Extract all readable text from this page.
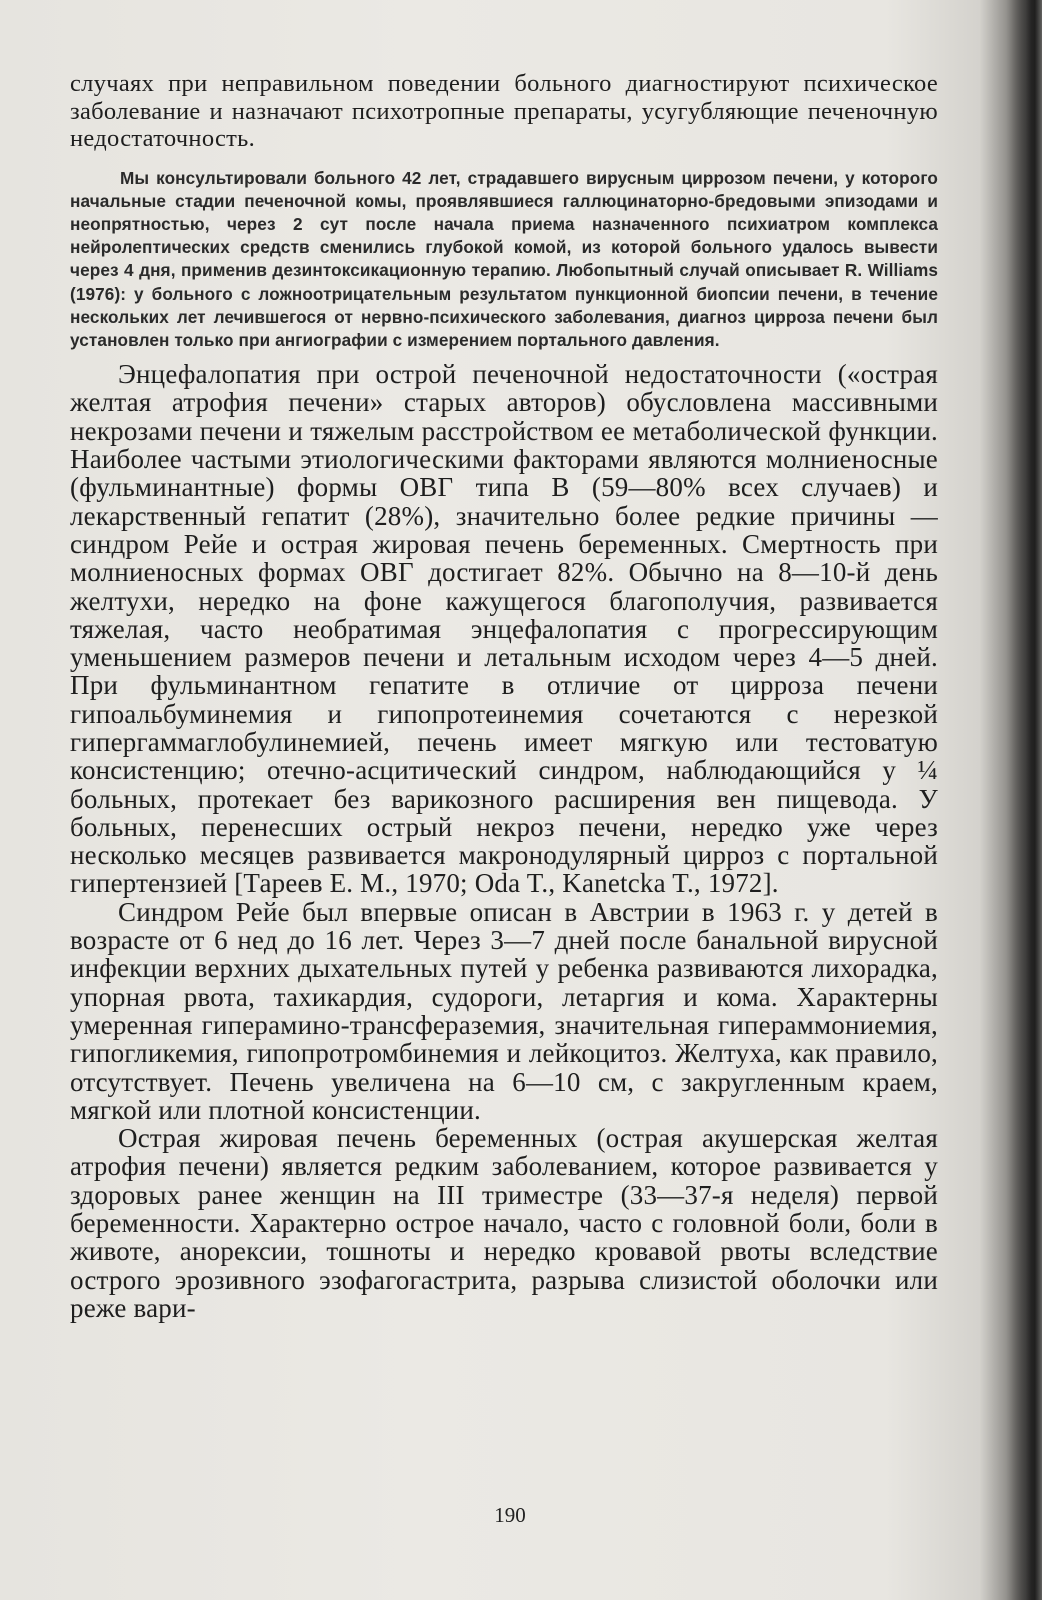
случаях при неправильном поведении больного диагностируют психическое заболевание и назначают психотропные препараты, усугубляющие печеночную недостаточность.

Мы консультировали больного 42 лет, страдавшего вирусным циррозом печени, у которого начальные стадии печеночной комы, проявлявшиеся галлюцинаторно-бредовыми эпизодами и неопрятностью, через 2 сут после начала приема назначенного психиатром комплекса нейролептических средств сменились глубокой комой, из которой больного удалось вывести через 4 дня, применив дезинтоксикационную терапию. Любопытный случай описывает R. Williams (1976): у больного с ложноотрицательным результатом пункционной биопсии печени, в течение нескольких лет лечившегося от нервно-психического заболевания, диагноз цирроза печени был установлен только при ангиографии с измерением портального давления.

Энцефалопатия при острой печеночной недостаточности («острая желтая атрофия печени» старых авторов) обусловлена массивными некрозами печени и тяжелым расстройством ее метаболической функции. Наиболее частыми этиологическими факторами являются молниеносные (фульминантные) формы ОВГ типа В (59—80% всех случаев) и лекарственный гепатит (28%), значительно более редкие причины — синдром Рейе и острая жировая печень беременных. Смертность при молниеносных формах ОВГ достигает 82%. Обычно на 8—10-й день желтухи, нередко на фоне кажущегося благополучия, развивается тяжелая, часто необратимая энцефалопатия с прогрессирующим уменьшением размеров печени и летальным исходом через 4—5 дней. При фульминантном гепатите в отличие от цирроза печени гипоальбуминемия и гипопротеинемия сочетаются с нерезкой гипергаммаглобулинемией, печень имеет мягкую или тестоватую консистенцию; отечно-асцитический синдром, наблюдающийся у ¼ больных, протекает без варикозного расширения вен пищевода. У больных, перенесших острый некроз печени, нередко уже через несколько месяцев развивается макронодулярный цирроз с портальной гипертензией [Тареев Е. М., 1970; Oda T., Kanetcka T., 1972].

Синдром Рейе был впервые описан в Австрии в 1963 г. у детей в возрасте от 6 нед до 16 лет. Через 3—7 дней после банальной вирусной инфекции верхних дыхательных путей у ребенка развиваются лихорадка, упорная рвота, тахикардия, судороги, летаргия и кома. Характерны умеренная гиперамино-трансферазeмия, значительная гипераммониемия, гипогликемия, гипопротромбинемия и лейкоцитоз. Желтуха, как правило, отсутствует. Печень увеличена на 6—10 см, с закругленным краем, мягкой или плотной консистенции.

Острая жировая печень беременных (острая акушерская желтая атрофия печени) является редким заболеванием, которое развивается у здоровых ранее женщин на III триместре (33—37-я неделя) первой беременности. Характерно острое начало, часто с головной боли, боли в животе, анорексии, тошноты и нередко кровавой рвоты вследствие острого эрозивного эзофагогастрита, разрыва слизистой оболочки или реже вари-

190
